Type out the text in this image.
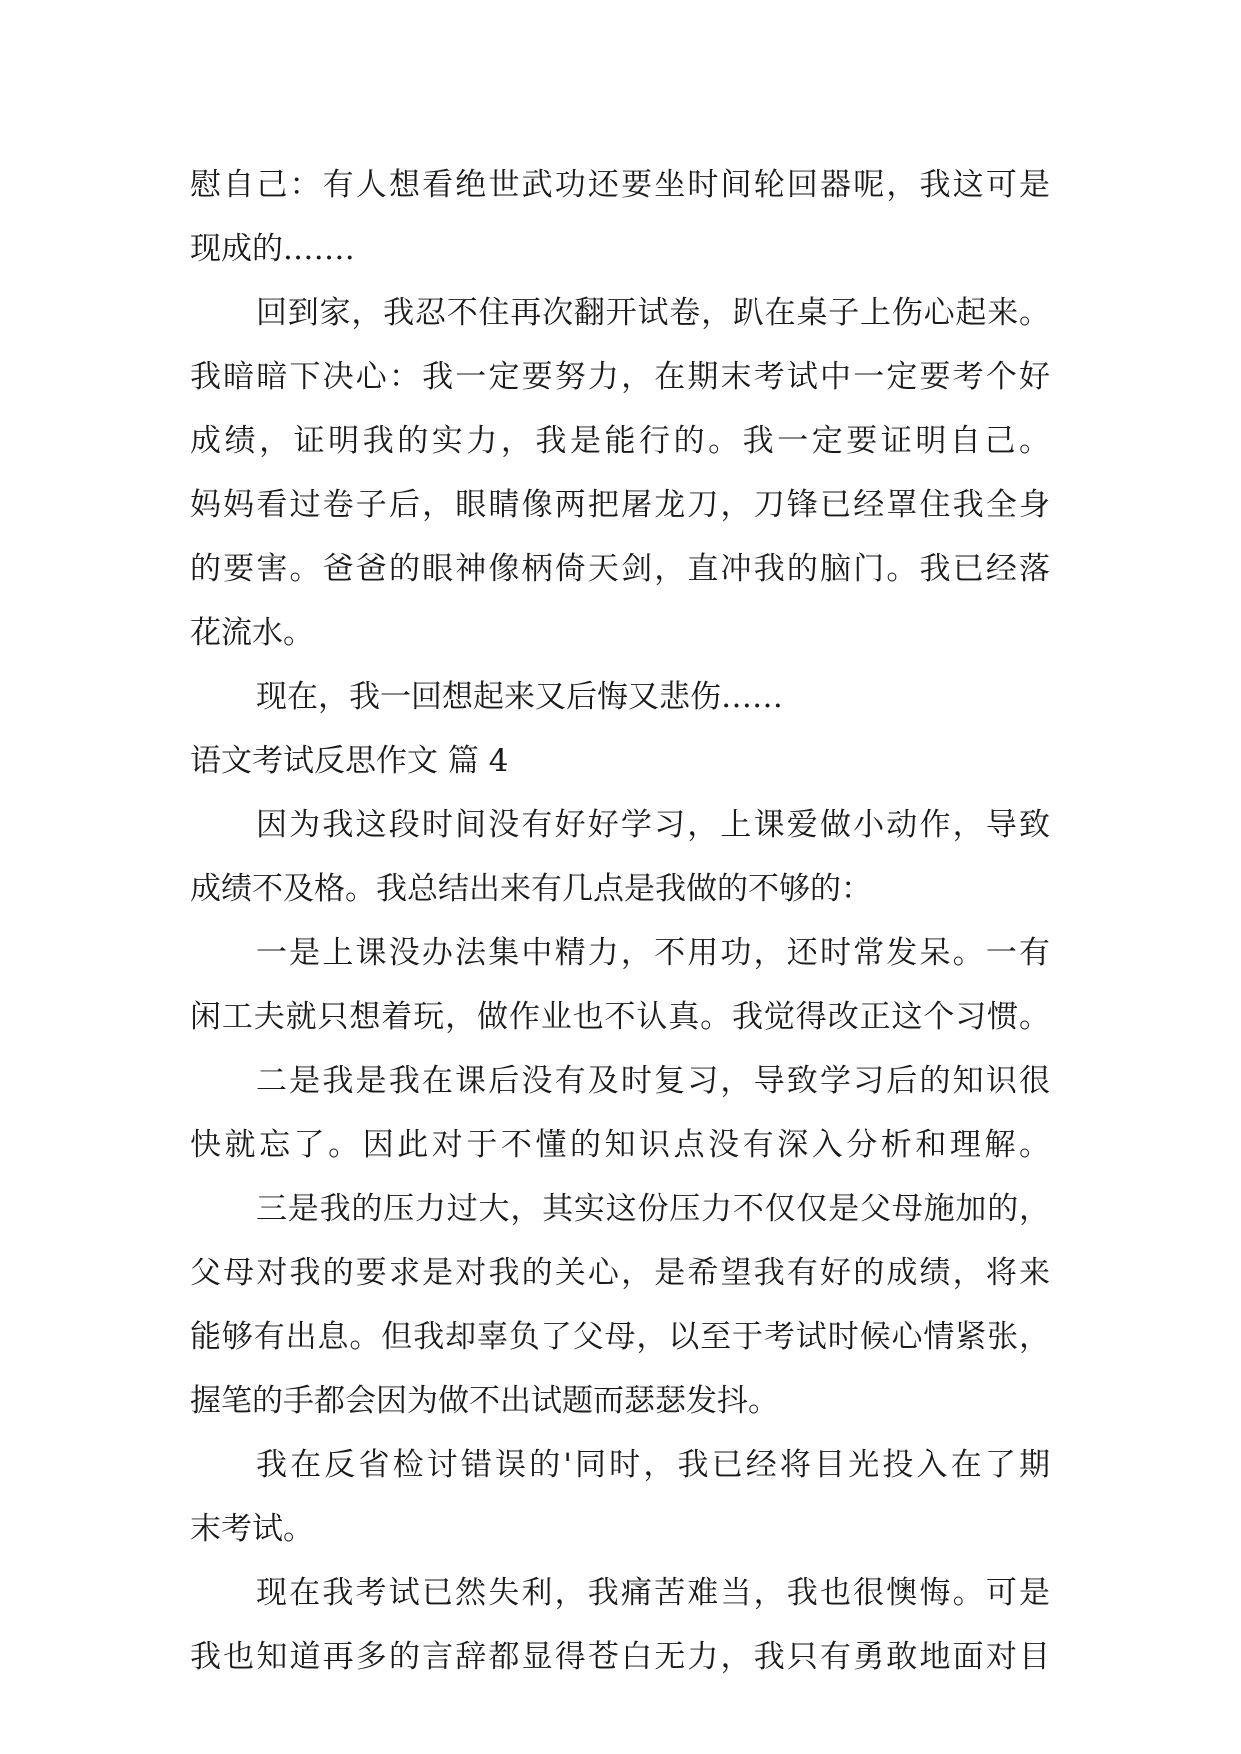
慰自己：有人想看绝世武功还要坐时间轮回器呢，我这可是
现成的.……
回到家，我忍不住再次翻开试卷，趴在桌子上伤心起来。
我暗暗下决心：我一定要努力，在期末考试中一定要考个好
成绩，证明我的实力，我是能行的。我一定要证明自己。
妈妈看过卷子后，眼睛像两把屠龙刀，刀锋已经罩住我全身
的要害。爸爸的眼神像柄倚天剑，直冲我的脑门。我已经落
花流水。
现在，我一回想起来又后悔又悲伤……
语文考试反思作文 篇 4
因为我这段时间没有好好学习，上课爱做小动作，导致
成绩不及格。我总结出来有几点是我做的不够的：
一是上课没办法集中精力，不用功，还时常发呆。一有
闲工夫就只想着玩，做作业也不认真。我觉得改正这个习惯。
二是我是我在课后没有及时复习，导致学习后的知识很
快就忘了。因此对于不懂的知识点没有深入分析和理解。
三是我的压力过大，其实这份压力不仅仅是父母施加的，
父母对我的要求是对我的关心，是希望我有好的成绩，将来
能够有出息。但我却辜负了父母，以至于考试时候心情紧张，
握笔的手都会因为做不出试题而瑟瑟发抖。
我在反省检讨错误的'同时，我已经将目光投入在了期
末考试。
现在我考试已然失利，我痛苦难当，我也很懊悔。可是
我也知道再多的言辞都显得苍白无力，我只有勇敢地面对目
